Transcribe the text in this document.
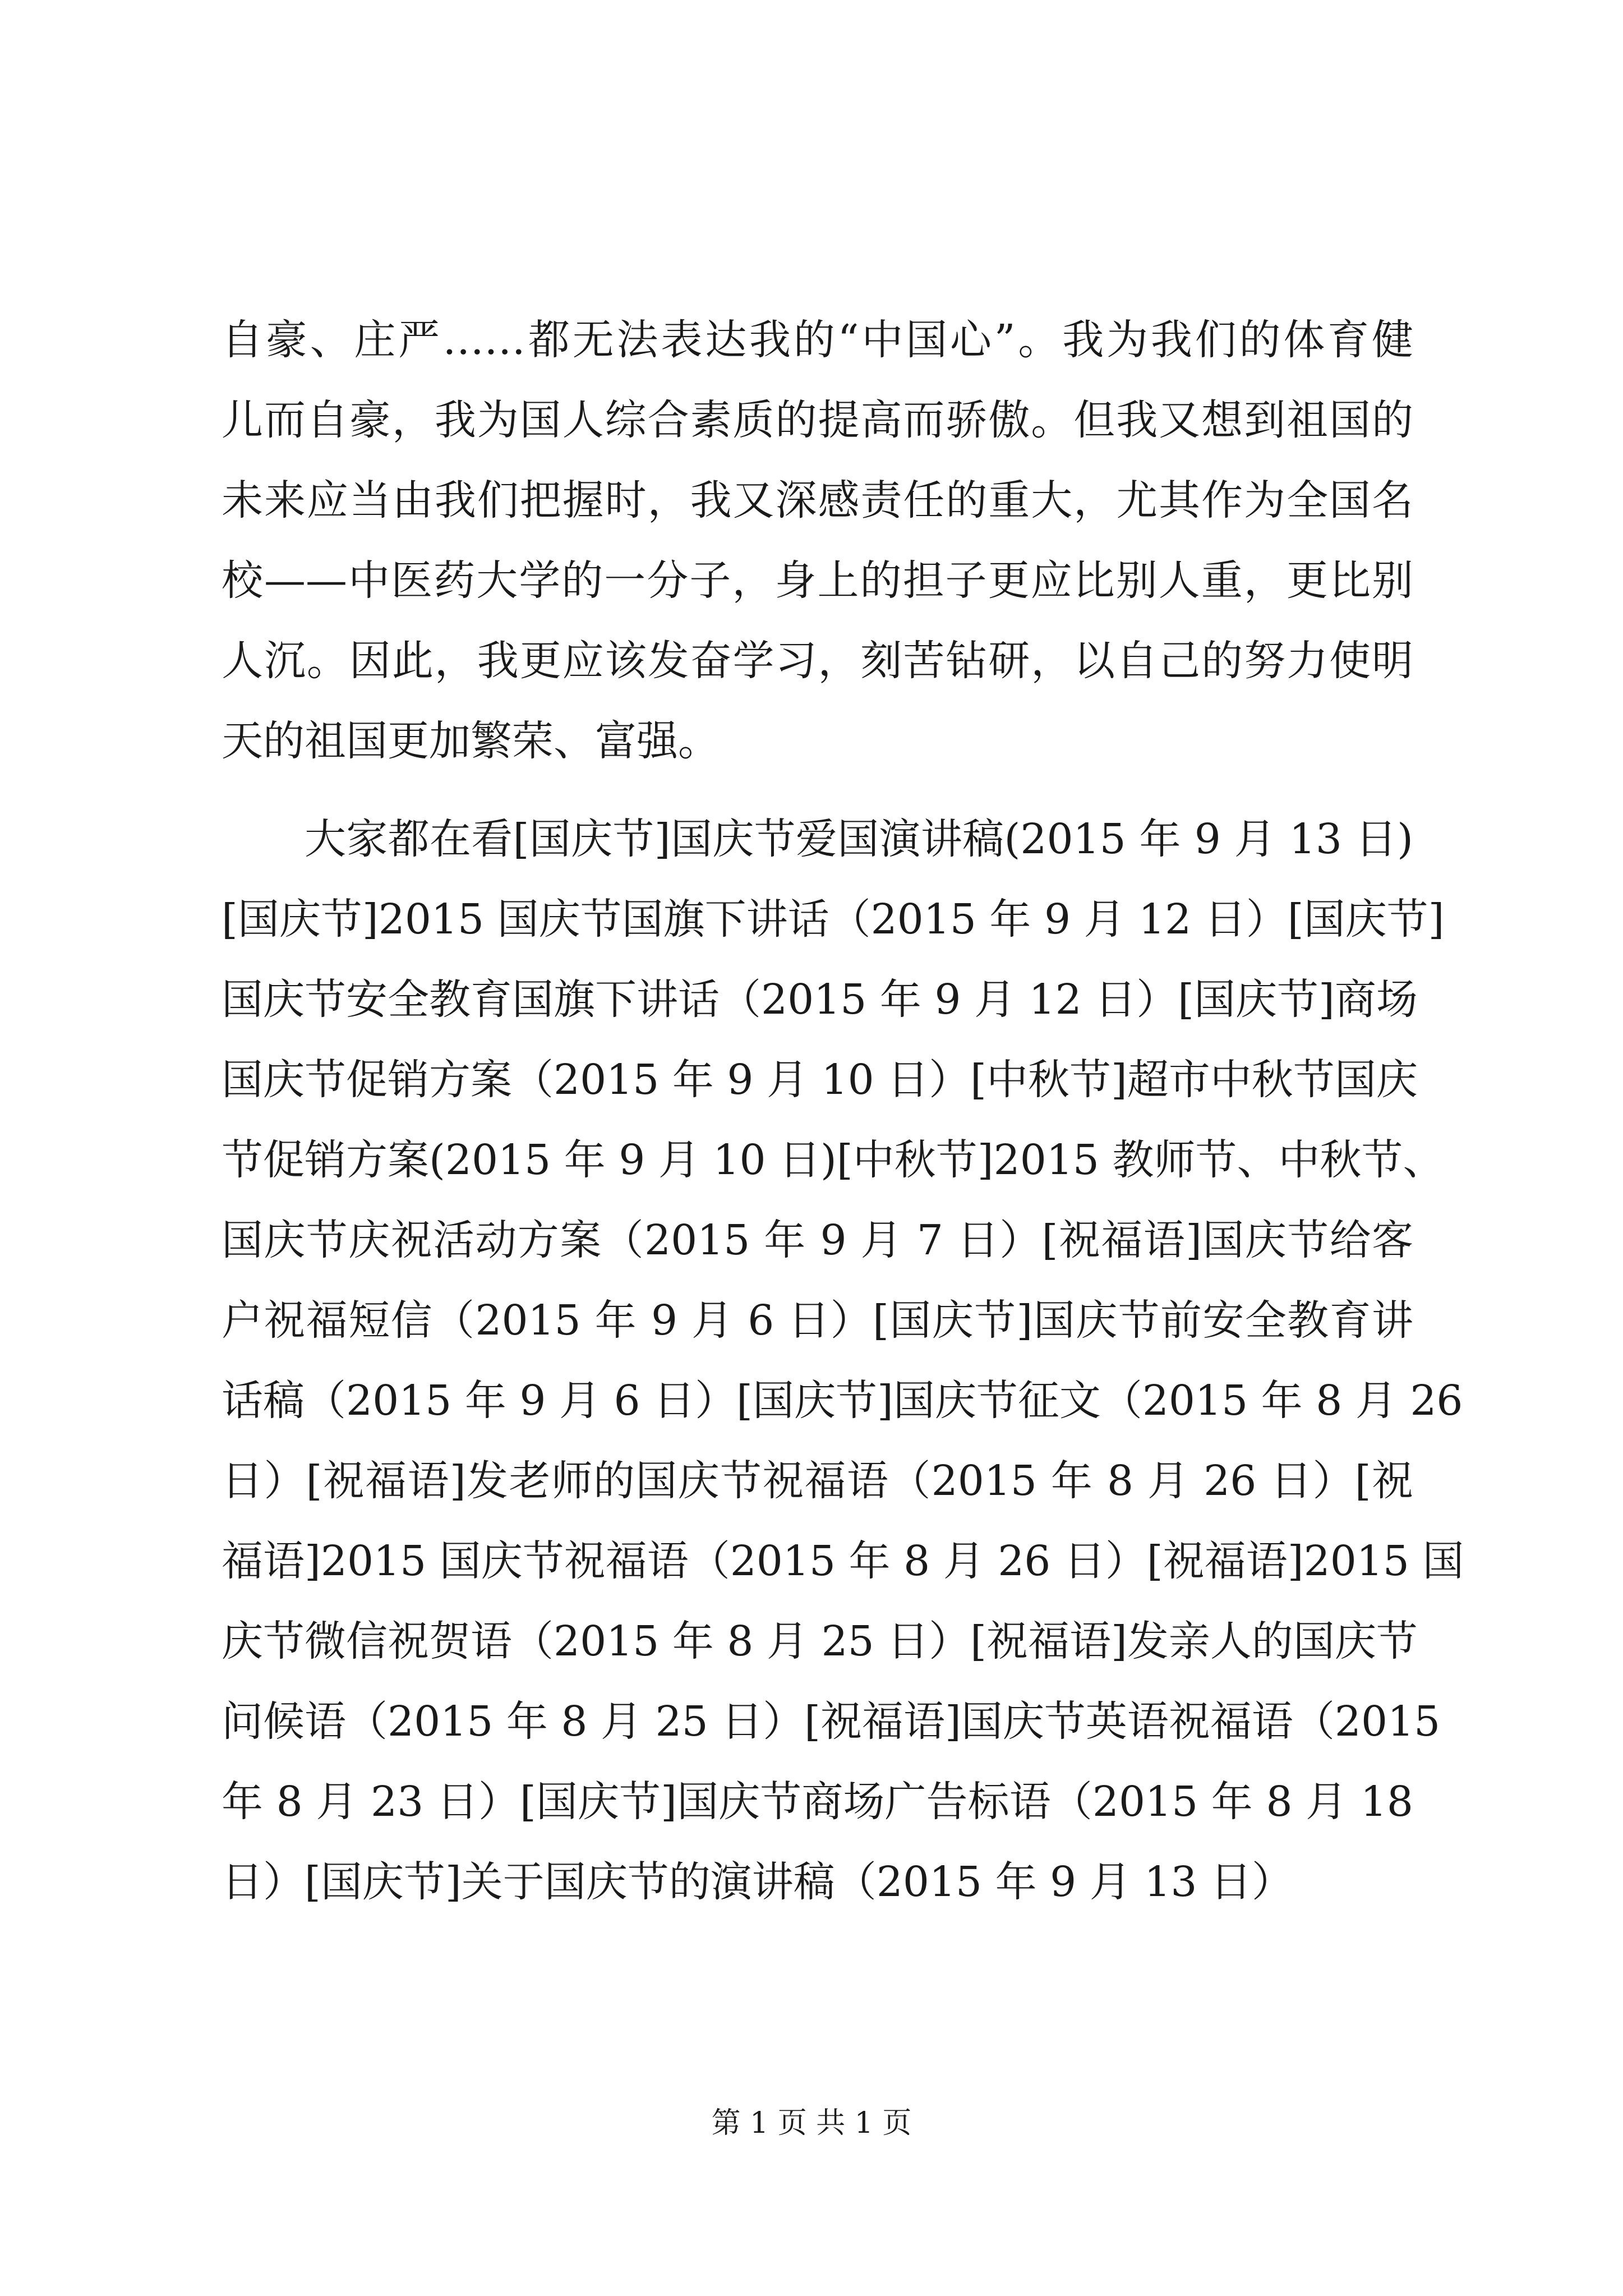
自豪、庄严……都无法表达我的“中国心”。我为我们的体育健
儿而自豪，我为国人综合素质的提高而骄傲。但我又想到祖国的
未来应当由我们把握时，我又深感责任的重大，尤其作为全国名
校——中医药大学的一分子，身上的担子更应比别人重，更比别
人沉。因此，我更应该发奋学习，刻苦钻研，以自己的努力使明
天的祖国更加繁荣、富强。
大家都在看[国庆节]国庆节爱国演讲稿(2015 年 9 月 13 日)
[国庆节]2015 国庆节国旗下讲话（2015 年 9 月 12 日）[国庆节]
国庆节安全教育国旗下讲话（2015 年 9 月 12 日）[国庆节]商场
国庆节促销方案（2015 年 9 月 10 日）[中秋节]超市中秋节国庆
节促销方案(2015 年 9 月 10 日)[中秋节]2015 教师节、中秋节、
国庆节庆祝活动方案（2015 年 9 月 7 日）[祝福语]国庆节给客
户祝福短信（2015 年 9 月 6 日）[国庆节]国庆节前安全教育讲
话稿（2015 年 9 月 6 日）[国庆节]国庆节征文（2015 年 8 月 26
日）[祝福语]发老师的国庆节祝福语（2015 年 8 月 26 日）[祝
福语]2015 国庆节祝福语（2015 年 8 月 26 日）[祝福语]2015 国
庆节微信祝贺语（2015 年 8 月 25 日）[祝福语]发亲人的国庆节
问候语（2015 年 8 月 25 日）[祝福语]国庆节英语祝福语（2015
年 8 月 23 日）[国庆节]国庆节商场广告标语（2015 年 8 月 18
日）[国庆节]关于国庆节的演讲稿（2015 年 9 月 13 日）
第 1 页 共 1 页
